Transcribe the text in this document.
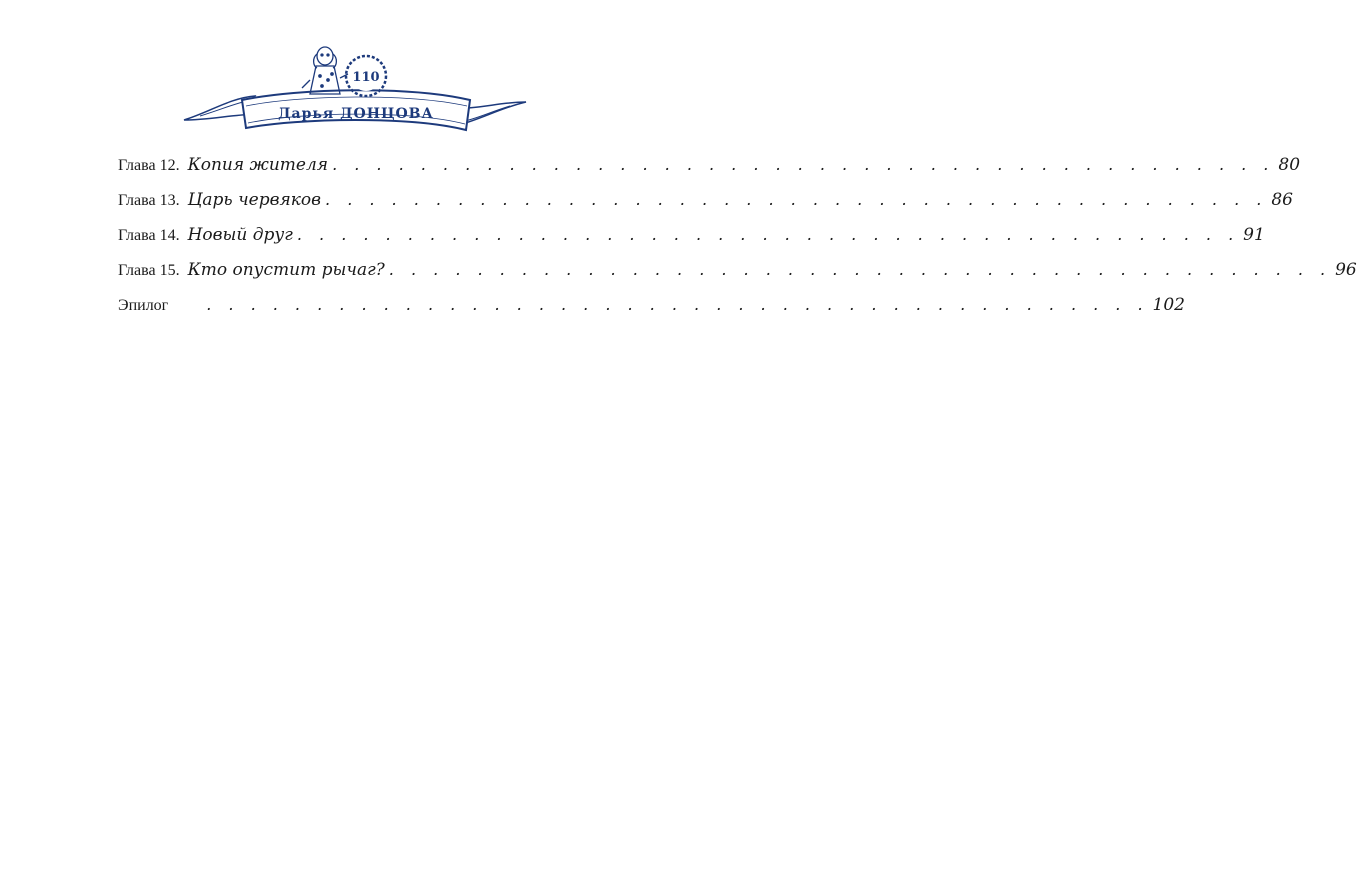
110
Дарья ДОНЦОВА
Глава 12. Копия жителя . . . . . . . . . . . . . . . . . . . . . . . . . . . . . . . . . . . . . . . . . . . 80
Глава 13. Царь червяков . . . . . . . . . . . . . . . . . . . . . . . . . . . . . . . . . . . . . . . . . . . 86
Глава 14. Новый друг . . . . . . . . . . . . . . . . . . . . . . . . . . . . . . . . . . . . . . . . . . . 91
Глава 15. Кто опустит рычаг? . . . . . . . . . . . . . . . . . . . . . . . . . . . . . . . . . . . . . . . . . . . 96
Эпилог . . . . . . . . . . . . . . . . . . . . . . . . . . . . . . . . . . . . . . . . . . . 102
